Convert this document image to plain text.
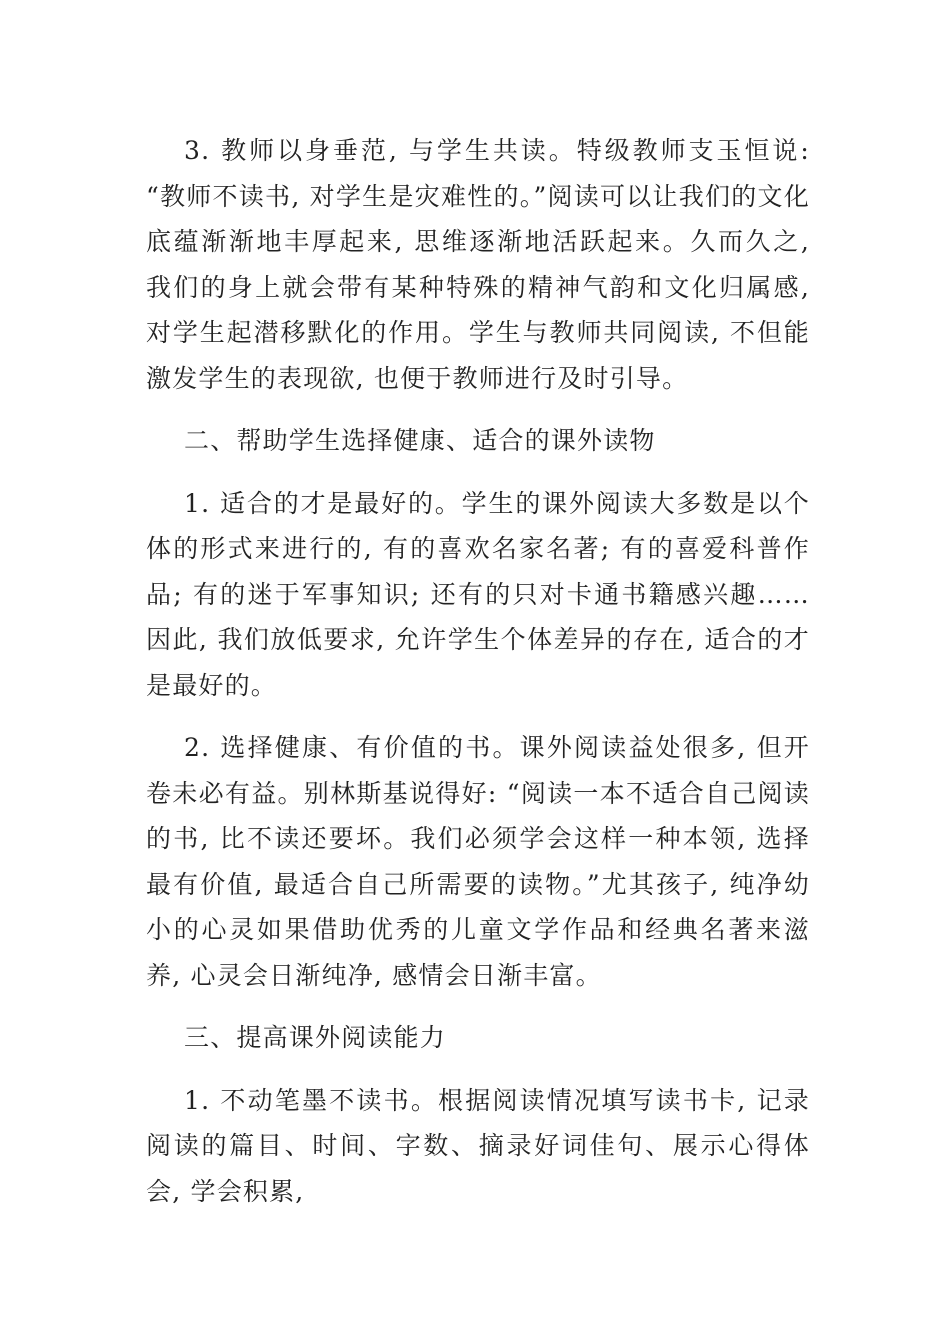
3. 教师以身垂范, 与学生共读。特级教师支玉恒说: “教师不读书, 对学生是灾难性的。”阅读可以让我们的文化底蕴渐渐地丰厚起来, 思维逐渐地活跃起来。久而久之, 我们的身上就会带有某种特殊的精神气韵和文化归属感, 对学生起潜移默化的作用。学生与教师共同阅读, 不但能激发学生的表现欲, 也便于教师进行及时引导。

二、帮助学生选择健康、适合的课外读物

1. 适合的才是最好的。学生的课外阅读大多数是以个体的形式来进行的, 有的喜欢名家名著; 有的喜爱科普作品; 有的迷于军事知识; 还有的只对卡通书籍感兴趣……因此, 我们放低要求, 允许学生个体差异的存在, 适合的才是最好的。

2. 选择健康、有价值的书。课外阅读益处很多, 但开卷未必有益。别林斯基说得好: “阅读一本不适合自己阅读的书, 比不读还要坏。我们必须学会这样一种本领, 选择最有价值, 最适合自己所需要的读物。”尤其孩子, 纯净幼小的心灵如果借助优秀的儿童文学作品和经典名著来滋养, 心灵会日渐纯净, 感情会日渐丰富。

三、提高课外阅读能力

1. 不动笔墨不读书。根据阅读情况填写读书卡, 记录阅读的篇目、时间、字数、摘录好词佳句、展示心得体会, 学会积累,
